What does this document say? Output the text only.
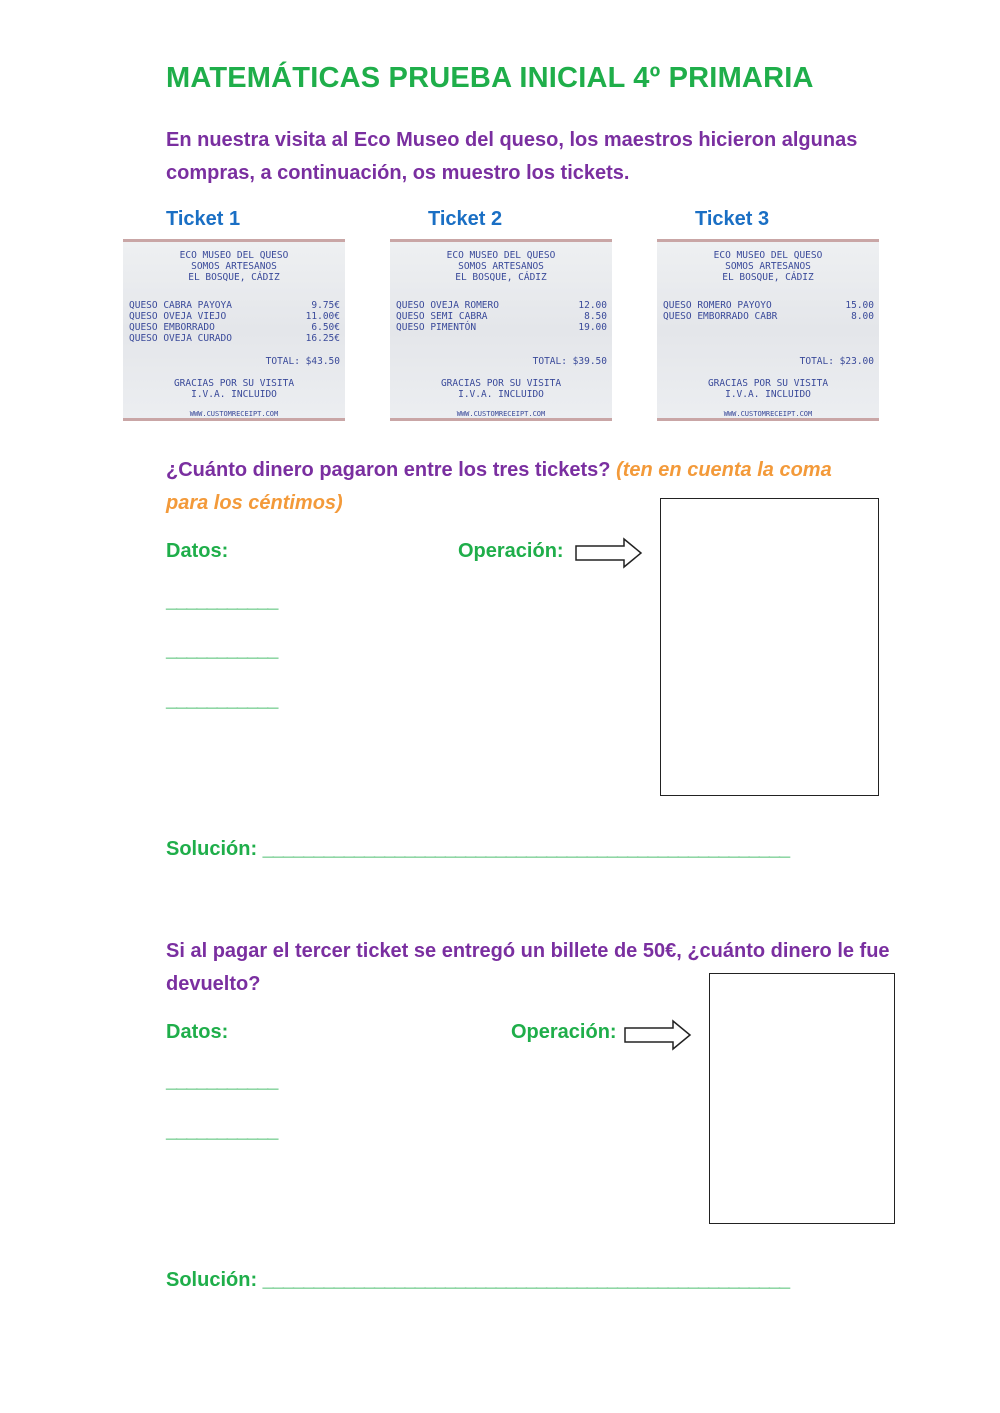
MATEMÁTICAS PRUEBA INICIAL 4º PRIMARIA
En nuestra visita al Eco Museo del queso, los maestros hicieron algunas compras, a continuación, os muestro los tickets.
Ticket 1	Ticket 2	Ticket 3
ECO MUSEO DEL QUESO
SOMOS ARTESANOS
EL BOSQUE, CÁDIZ
QUESO CABRA PAYOYA	9.75€
QUESO OVEJA VIEJO	11.00€
QUESO EMBORRADO	6.50€
QUESO OVEJA CURADO	16.25€
TOTAL: $43.50
GRACIAS POR SU VISITA
I.V.A. INCLUIDO
WWW.CUSTOMRECEIPT.COM
ECO MUSEO DEL QUESO
SOMOS ARTESANOS
EL BOSQUE, CÁDIZ
QUESO OVEJA ROMERO	12.00
QUESO SEMI CABRA	8.50
QUESO PIMENTÓN	19.00
TOTAL: $39.50
GRACIAS POR SU VISITA
I.V.A. INCLUIDO
WWW.CUSTOMRECEIPT.COM
ECO MUSEO DEL QUESO
SOMOS ARTESANOS
EL BOSQUE, CÁDIZ
QUESO ROMERO PAYOYO	15.00
QUESO EMBORRADO CABR	8.00
TOTAL: $23.00
GRACIAS POR SU VISITA
I.V.A. INCLUIDO
WWW.CUSTOMRECEIPT.COM
¿Cuánto dinero pagaron entre los tres tickets? (ten en cuenta la coma para los céntimos)
Datos:	Operación:
___________
___________
___________
Solución: ____________________________________________________
Si al pagar el tercer ticket se entregó un billete de 50€, ¿cuánto dinero le fue devuelto?
Datos:	Operación:
___________
___________
Solución: ____________________________________________________
